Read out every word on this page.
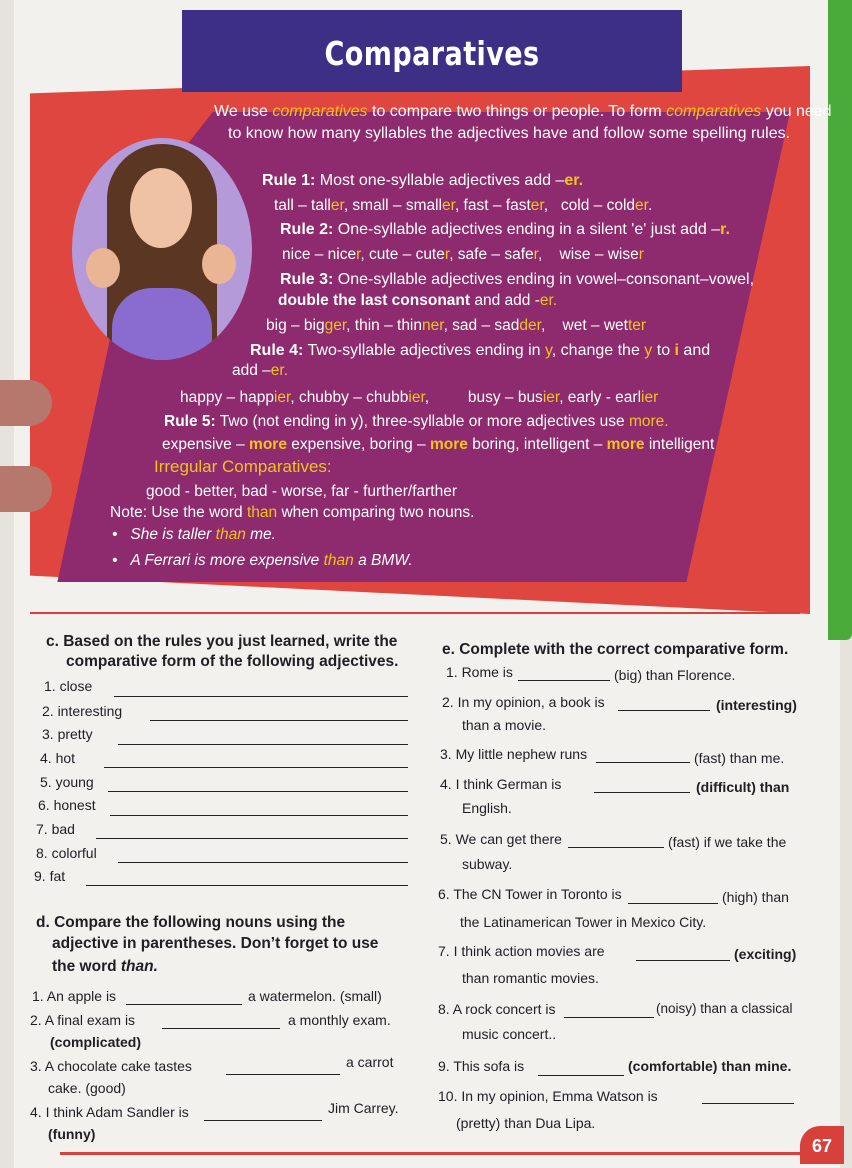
Comparatives
We use comparatives to compare two things or people. To form comparatives you need
to know how many syllables the adjectives have and follow some spelling rules.
Rule 1: Most one-syllable adjectives add –er.
tall – taller, small – smaller, fast – faster, cold – colder.
Rule 2: One-syllable adjectives ending in a silent 'e' just add –r.
nice – nicer, cute – cuter, safe – safer, wise – wiser
Rule 3: One-syllable adjectives ending in vowel–consonant–vowel,
double the last consonant and add -er.
big – bigger, thin – thinner, sad – sadder, wet – wetter
Rule 4: Two-syllable adjectives ending in y, change the y to i and
add –er.
happy – happier, chubby – chubbier,	busy – busier, early - earlier
Rule 5: Two (not ending in y), three-syllable or more adjectives use more.
expensive – more expensive, boring – more boring, intelligent – more intelligent
Irregular Comparatives:
good - better, bad - worse, far - further/farther
Note: Use the word than when comparing two nouns.
•   She is taller than me.
•   A Ferrari is more expensive than a BMW.
c. Based on the rules you just learned, write the
comparative form of the following adjectives.
1. close
2. interesting
3. pretty
4. hot
5. young
6. honest
7. bad
8. colorful
9. fat
d. Compare the following nouns using the
adjective in parentheses. Don’t forget to use
the word than.
1. An apple is	a watermelon. (small)
2. A final exam is	a monthly exam.
(complicated)
3. A chocolate cake tastes	a carrot
cake. (good)
4. I think Adam Sandler is	Jim Carrey.
(funny)
e. Complete with the correct comparative form.
1. Rome is	(big) than Florence.
2. In my opinion, a book is	(interesting)
than a movie.
3. My little nephew runs	(fast) than me.
4. I think German is	(difficult) than
English.
5. We can get there	(fast) if we take the
subway.
6. The CN Tower in Toronto is	(high) than
the Latinamerican Tower in Mexico City.
7. I think action movies are	(exciting)
than romantic movies.
8. A rock concert is	(noisy) than a classical
music concert..
9. This sofa is	(comfortable) than mine.
10. In my opinion, Emma Watson is
(pretty) than Dua Lipa.
67
